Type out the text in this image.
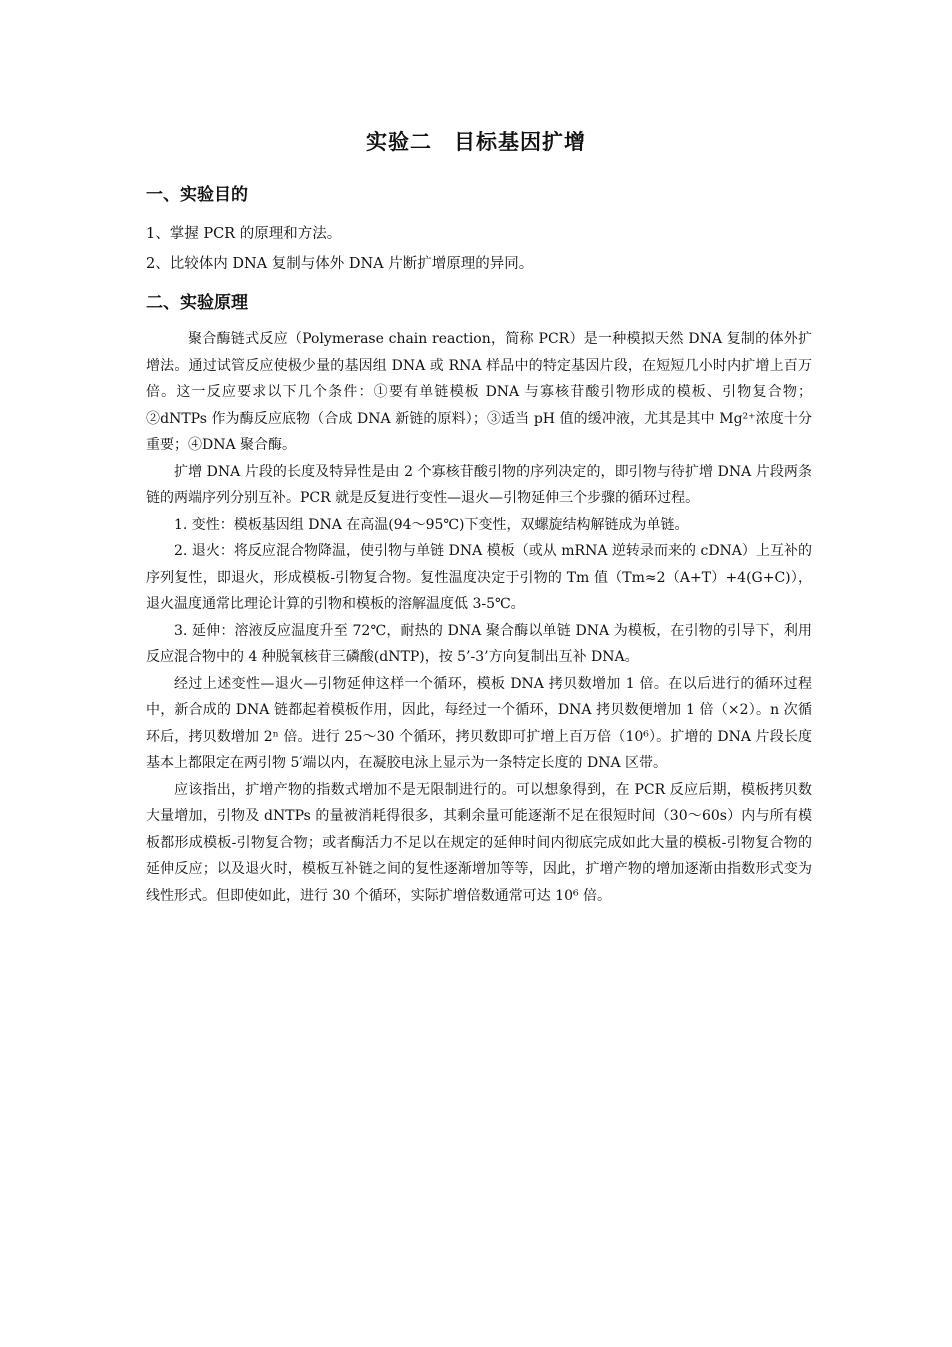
实验二　目标基因扩增
一、实验目的
1、掌握 PCR 的原理和方法。
2、比较体内 DNA 复制与体外 DNA 片断扩增原理的异同。
二、实验原理

聚合酶链式反应（Polymerase chain reaction，简称 PCR）是一种模拟天然 DNA 复制的体外扩增法。通过试管反应使极少量的基因组 DNA 或 RNA 样品中的特定基因片段，在短短几小时内扩增上百万倍。这一反应要求以下几个条件：①要有单链模板 DNA 与寡核苷酸引物形成的模板、引物复合物；②dNTPs 作为酶反应底物（合成 DNA 新链的原料）；③适当 pH 值的缓冲液，尤其是其中 Mg²⁺浓度十分重要；④DNA 聚合酶。

扩增 DNA 片段的长度及特异性是由 2 个寡核苷酸引物的序列决定的，即引物与待扩增 DNA 片段两条链的两端序列分别互补。PCR 就是反复进行变性—退火—引物延伸三个步骤的循环过程。

1. 变性：模板基因组 DNA 在高温(94～95℃)下变性，双螺旋结构解链成为单链。

2. 退火：将反应混合物降温，使引物与单链 DNA 模板（或从 mRNA 逆转录而来的 cDNA）上互补的序列复性，即退火，形成模板-引物复合物。复性温度决定于引物的 Tm 值（Tm≈2（A+T）+4(G+C)），退火温度通常比理论计算的引物和模板的溶解温度低 3-5℃。

3. 延伸：溶液反应温度升至 72℃，耐热的 DNA 聚合酶以单链 DNA 为模板，在引物的引导下，利用反应混合物中的 4 种脱氧核苷三磷酸(dNTP)，按 5’-3’方向复制出互补 DNA。

经过上述变性—退火—引物延伸这样一个循环，模板 DNA 拷贝数增加 1 倍。在以后进行的循环过程中，新合成的 DNA 链都起着模板作用，因此，每经过一个循环，DNA 拷贝数便增加 1 倍（×2）。n 次循环后，拷贝数增加 2ⁿ 倍。进行 25～30 个循环，拷贝数即可扩增上百万倍（10⁶）。扩增的 DNA 片段长度基本上都限定在两引物 5′端以内，在凝胶电泳上显示为一条特定长度的 DNA 区带。

应该指出，扩增产物的指数式增加不是无限制进行的。可以想象得到，在 PCR 反应后期，模板拷贝数大量增加，引物及 dNTPs 的量被消耗得很多，其剩余量可能逐渐不足在很短时间（30～60s）内与所有模板都形成模板-引物复合物；或者酶活力不足以在规定的延伸时间内彻底完成如此大量的模板-引物复合物的延伸反应；以及退火时，模板互补链之间的复性逐渐增加等等，因此，扩增产物的增加逐渐由指数形式变为线性形式。但即使如此，进行 30 个循环，实际扩增倍数通常可达 10⁶ 倍。
